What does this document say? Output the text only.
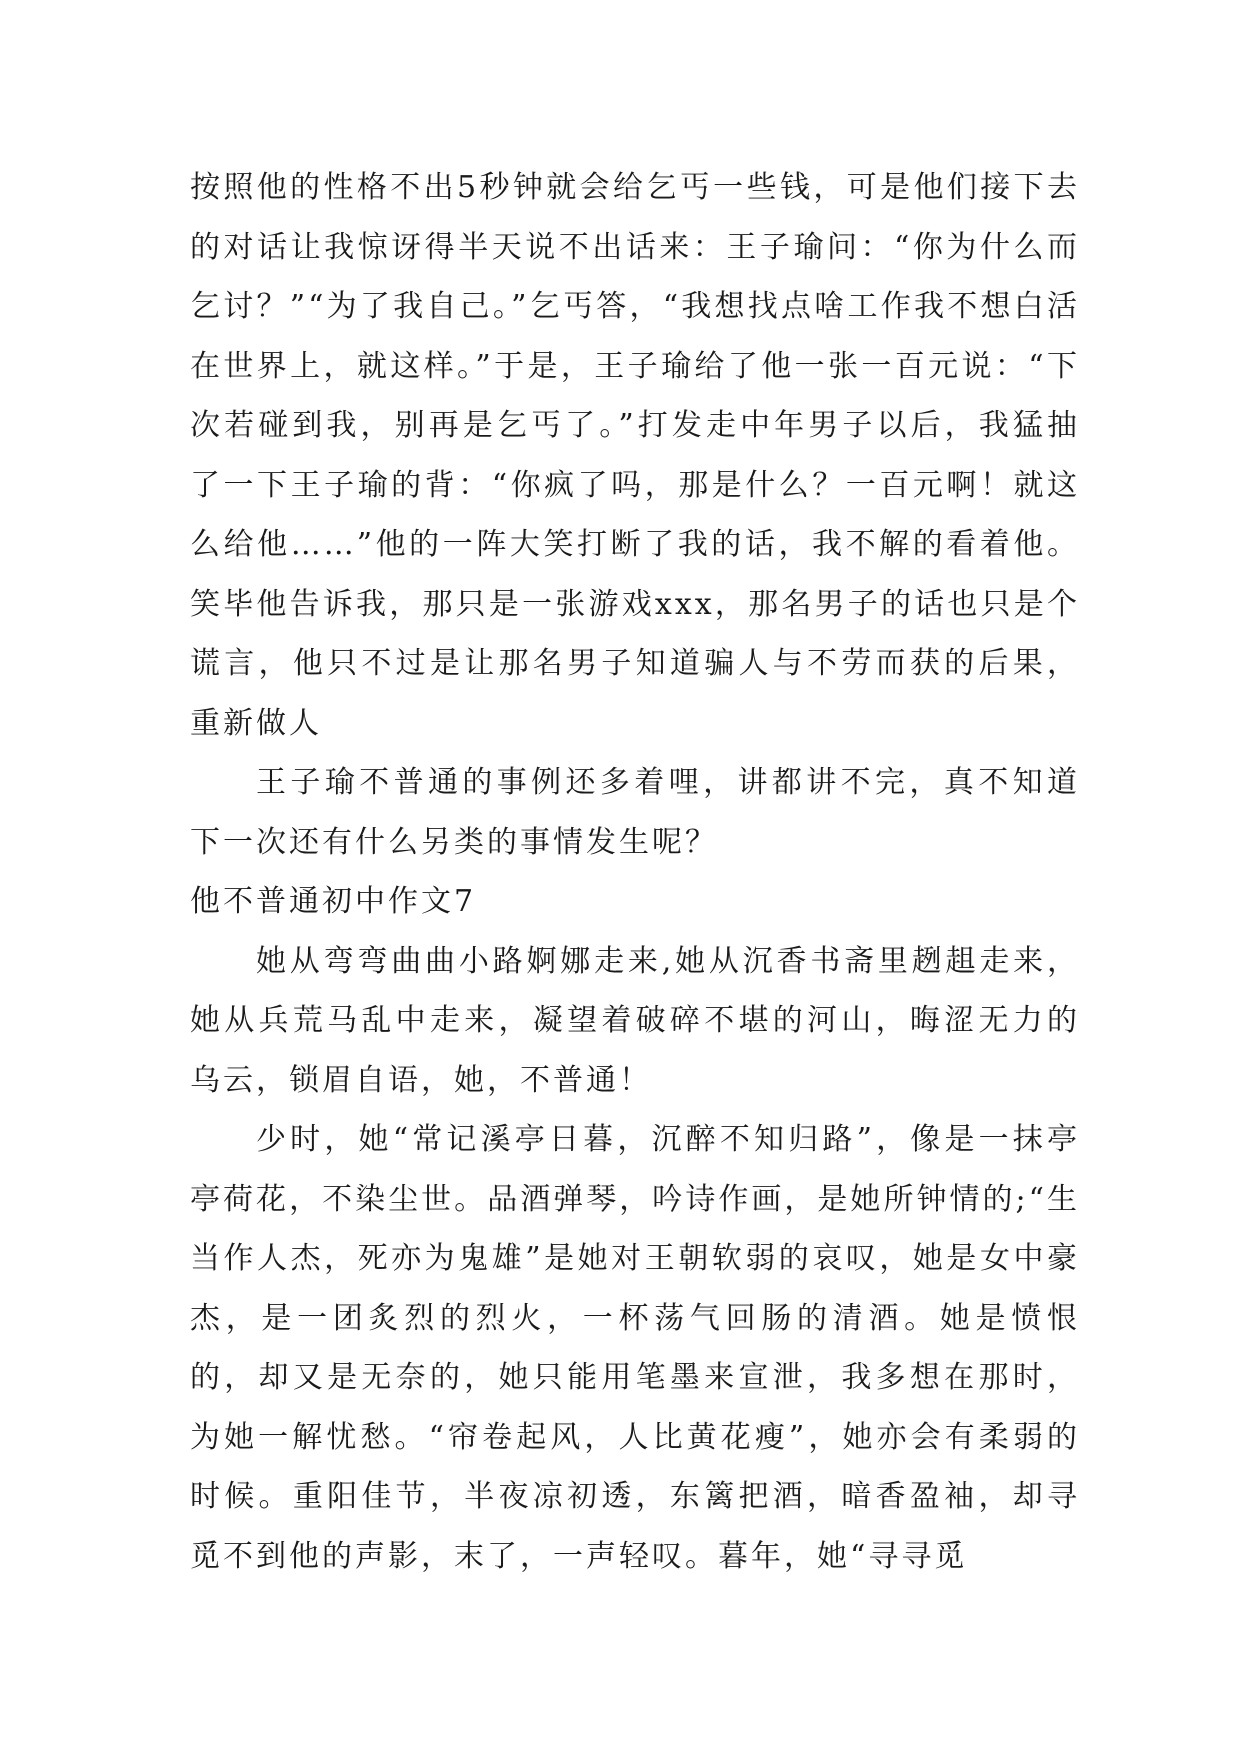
按照他的性格不出5秒钟就会给乞丐一些钱，可是他们接下去的对话让我惊讶得半天说不出话来：王子瑜问：“你为什么而乞讨？”“为了我自己。”乞丐答，“我想找点啥工作我不想白活在世界上，就这样。”于是，王子瑜给了他一张一百元说：“下次若碰到我，别再是乞丐了。”打发走中年男子以后，我猛抽了一下王子瑜的背：“你疯了吗，那是什么？一百元啊！就这么给他……”他的一阵大笑打断了我的话，我不解的看着他。笑毕他告诉我，那只是一张游戏xxx，那名男子的话也只是个谎言，他只不过是让那名男子知道骗人与不劳而获的后果，重新做人

王子瑜不普通的事例还多着哩，讲都讲不完，真不知道下一次还有什么另类的事情发生呢？

他不普通初中作文7

她从弯弯曲曲小路婀娜走来,她从沉香书斋里趔趄走来，她从兵荒马乱中走来，凝望着破碎不堪的河山，晦涩无力的乌云，锁眉自语，她，不普通！

少时，她“常记溪亭日暮，沉醉不知归路”，像是一抹亭亭荷花，不染尘世。品酒弹琴，吟诗作画，是她所钟情的;“生当作人杰，死亦为鬼雄”是她对王朝软弱的哀叹，她是女中豪杰，是一团炙烈的烈火，一杯荡气回肠的清酒。她是愤恨的，却又是无奈的，她只能用笔墨来宣泄，我多想在那时，为她一解忧愁。“帘卷起风，人比黄花瘦”，她亦会有柔弱的时候。重阳佳节，半夜凉初透，东篱把酒，暗香盈袖，却寻觅不到他的声影，末了，一声轻叹。暮年，她“寻寻觅
